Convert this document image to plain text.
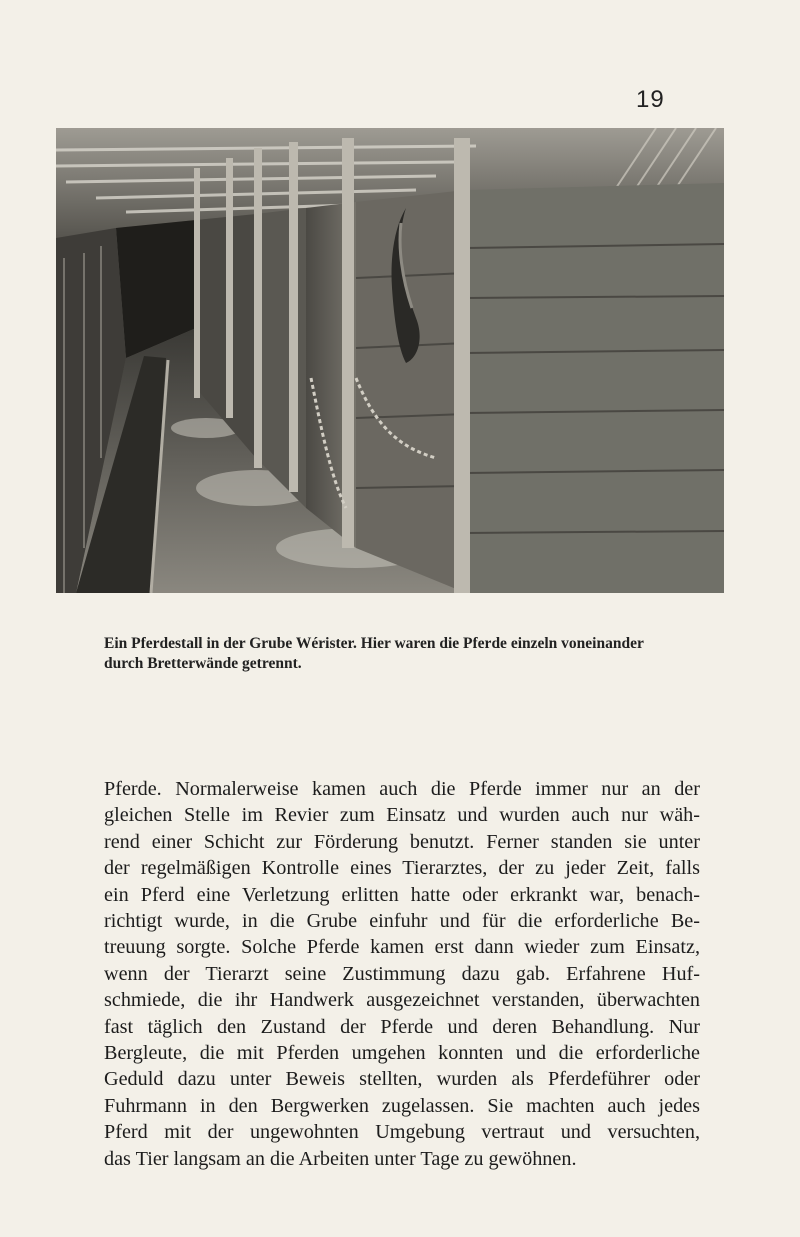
19
Ein Pferdestall in der Grube Wérister. Hier waren die Pferde einzeln voneinander
durch Bretterwände getrennt.
Pferde. Normalerweise kamen auch die Pferde immer nur an der
gleichen Stelle im Revier zum Einsatz und wurden auch nur wäh-
rend einer Schicht zur Förderung benutzt. Ferner standen sie unter
der regelmäßigen Kontrolle eines Tierarztes, der zu jeder Zeit, falls
ein Pferd eine Verletzung erlitten hatte oder erkrankt war, benach-
richtigt wurde, in die Grube einfuhr und für die erforderliche Be-
treuung sorgte. Solche Pferde kamen erst dann wieder zum Einsatz,
wenn der Tierarzt seine Zustimmung dazu gab. Erfahrene Huf-
schmiede, die ihr Handwerk ausgezeichnet verstanden, überwachten
fast täglich den Zustand der Pferde und deren Behandlung. Nur
Bergleute, die mit Pferden umgehen konnten und die erforderliche
Geduld dazu unter Beweis stellten, wurden als Pferdeführer oder
Fuhrmann in den Bergwerken zugelassen. Sie machten auch jedes
Pferd mit der ungewohnten Umgebung vertraut und versuchten,
das Tier langsam an die Arbeiten unter Tage zu gewöhnen.
